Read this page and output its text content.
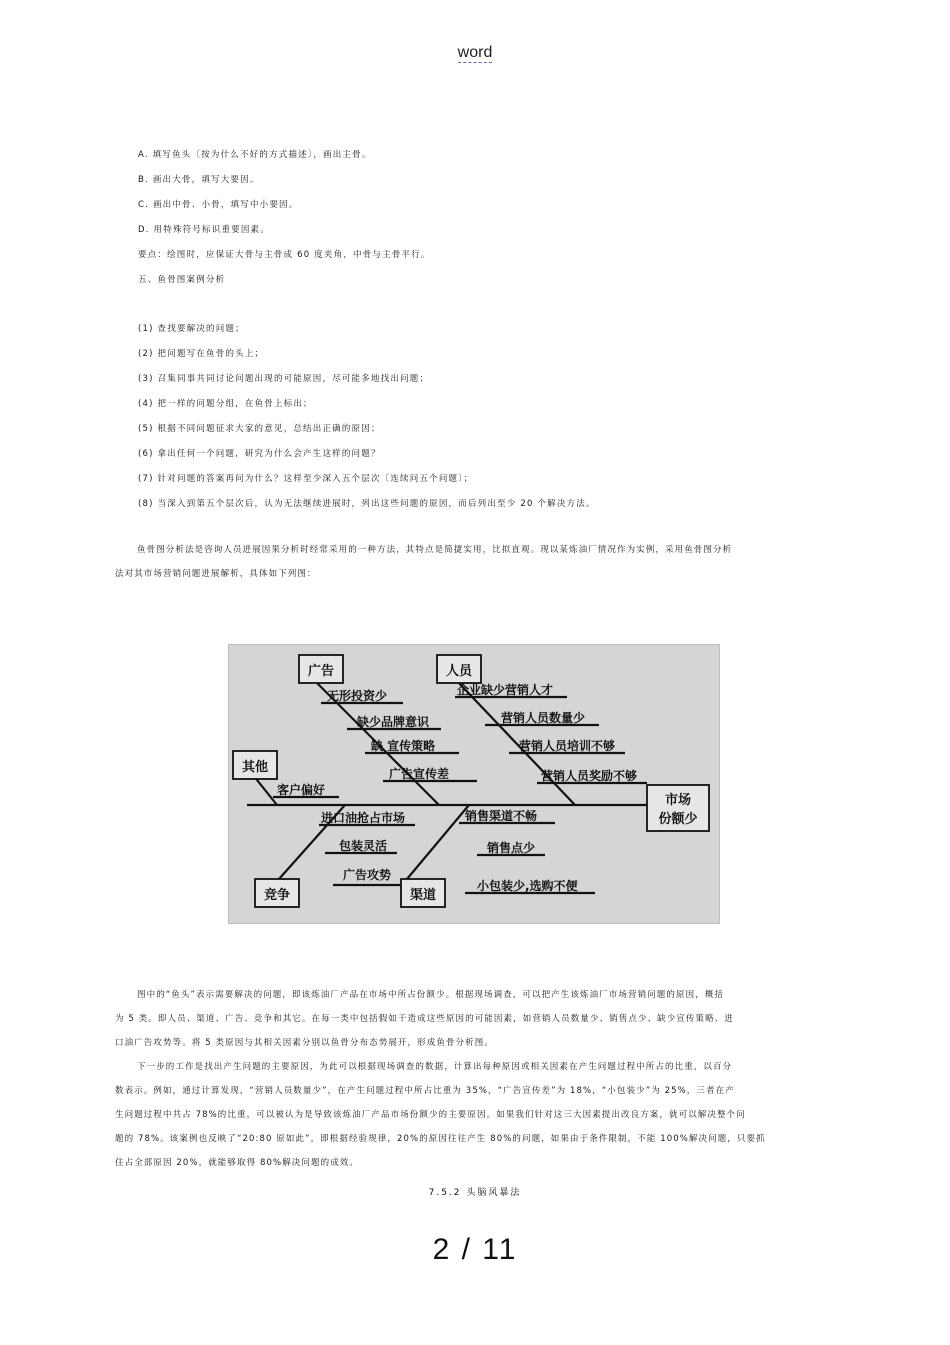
word
A. 填写鱼头〔按为什么不好的方式描述〕，画出主骨。
B. 画出大骨，填写大要因。
C. 画出中骨、小骨，填写中小要因。
D. 用特殊符号标识重要因素。
要点：绘图时，应保证大骨与主骨成 60 度夹角，中骨与主骨平行。
五、鱼骨图案例分析
(1) 查找要解决的问题；
(2) 把问题写在鱼骨的头上；
(3) 召集同事共同讨论问题出现的可能原因，尽可能多地找出问题；
(4) 把一样的问题分组，在鱼骨上标出；
(5) 根据不同问题征求大家的意见，总结出正确的原因；
(6) 拿出任何一个问题，研究为什么会产生这样的问题？
(7) 针对问题的答案再问为什么？这样至少深入五个层次〔连续问五个问题〕；
(8) 当深入到第五个层次后，认为无法继续进展时，列出这些问题的原因，而后列出至少 20 个解决方法。
鱼骨图分析法是咨询人员进展因果分析时经常采用的一种方法，其特点是简捷实用，比拟直观。现以某炼油厂情况作为实例，采用鱼骨图分析
法对其市场营销问题进展解析，具体如下列图：
广告	人员
其他
竞争	渠道
市场
份额少
无形投资少
缺少品牌意识
缺 宣传策略
广告宣传差
企业缺少营销人才
营销人员数量少
营销人员培训不够
营销人员奖励不够
客户偏好
进口油抢占市场
包装灵活
广告攻势
销售渠道不畅
销售点少
小包装少,选购不便
图中的“鱼头”表示需要解决的问题，即该炼油厂产品在市场中所占份额少。根据现场调查，可以把产生该炼油厂市场营销问题的原因，概括
为 5 类。即人员、渠道、广告、竞争和其它。在每一类中包括假如干造成这些原因的可能因素，如营销人员数量少、销售点少、缺少宣传策略、进
口油广告攻势等。将 5 类原因与其相关因素分别以鱼骨分布态势展开，形成鱼骨分析图。
下一步的工作是找出产生问题的主要原因，为此可以根据现场调查的数据，计算出每种原因或相关因素在产生问题过程中所占的比重，以百分
数表示。例如，通过计算发现，“营销人员数量少”，在产生问题过程中所占比重为 35%，“广告宣传差”为 18%，“小包装少”为 25%，三者在产
生问题过程中共占 78%的比重，可以被认为是导致该炼油厂产品市场份额少的主要原因。如果我们针对这三大因素提出改良方案，就可以解决整个问
题的 78%。该案例也反映了“20:80 原如此”，即根据经验规律，20%的原因往往产生 80%的问题，如果由于条件限制，不能 100%解决问题，只要抓
住占全部原因 20%，就能够取得 80%解决问题的成效。
7.5.2 头脑风暴法
2 / 11
